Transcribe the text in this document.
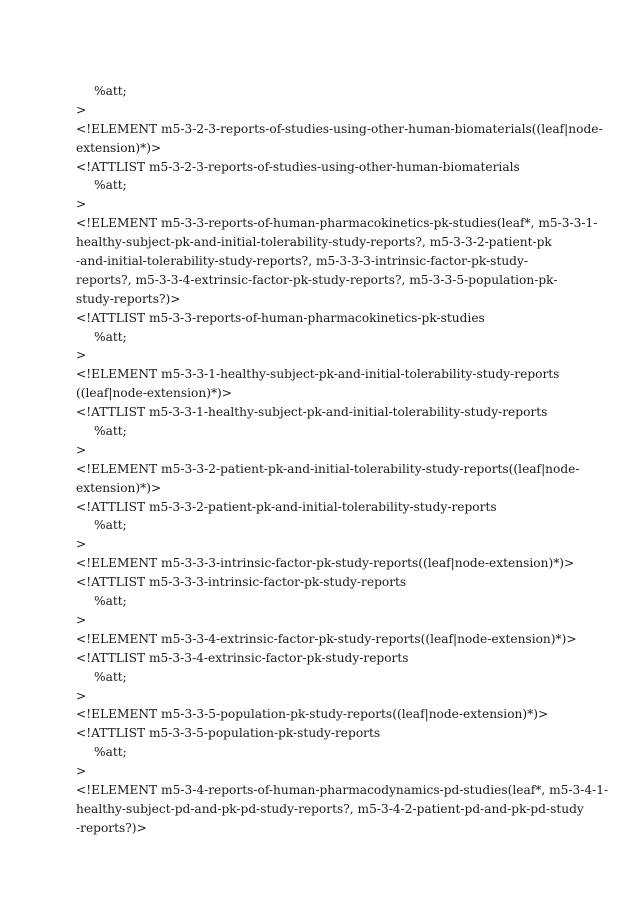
%att;
>
<!ELEMENT m5-3-2-3-reports-of-studies-using-other-human-biomaterials((leaf|node-
extension)*)>
<!ATTLIST m5-3-2-3-reports-of-studies-using-other-human-biomaterials
%att;
>
<!ELEMENT m5-3-3-reports-of-human-pharmacokinetics-pk-studies(leaf*, m5-3-3-1-
healthy-subject-pk-and-initial-tolerability-study-reports?, m5-3-3-2-patient-pk
-and-initial-tolerability-study-reports?, m5-3-3-3-intrinsic-factor-pk-study-
reports?, m5-3-3-4-extrinsic-factor-pk-study-reports?, m5-3-3-5-population-pk-
study-reports?)>
<!ATTLIST m5-3-3-reports-of-human-pharmacokinetics-pk-studies
%att;
>
<!ELEMENT m5-3-3-1-healthy-subject-pk-and-initial-tolerability-study-reports
((leaf|node-extension)*)>
<!ATTLIST m5-3-3-1-healthy-subject-pk-and-initial-tolerability-study-reports
%att;
>
<!ELEMENT m5-3-3-2-patient-pk-and-initial-tolerability-study-reports((leaf|node-
extension)*)>
<!ATTLIST m5-3-3-2-patient-pk-and-initial-tolerability-study-reports
%att;
>
<!ELEMENT m5-3-3-3-intrinsic-factor-pk-study-reports((leaf|node-extension)*)>
<!ATTLIST m5-3-3-3-intrinsic-factor-pk-study-reports
%att;
>
<!ELEMENT m5-3-3-4-extrinsic-factor-pk-study-reports((leaf|node-extension)*)>
<!ATTLIST m5-3-3-4-extrinsic-factor-pk-study-reports
%att;
>
<!ELEMENT m5-3-3-5-population-pk-study-reports((leaf|node-extension)*)>
<!ATTLIST m5-3-3-5-population-pk-study-reports
%att;
>
<!ELEMENT m5-3-4-reports-of-human-pharmacodynamics-pd-studies(leaf*, m5-3-4-1-
healthy-subject-pd-and-pk-pd-study-reports?, m5-3-4-2-patient-pd-and-pk-pd-study
-reports?)>
